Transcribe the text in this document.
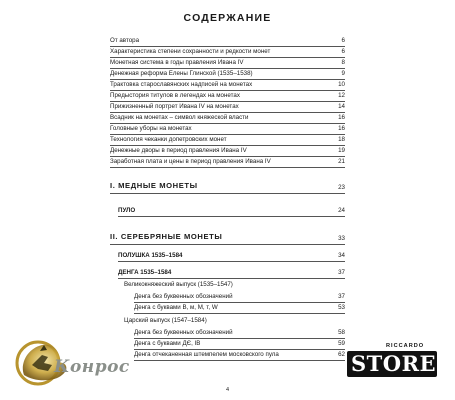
СОДЕРЖАНИЕ
От автора	6
Характеристика степени сохранности и редкости монет	6
Монетная система в годы правления Ивана IV	8
Денежная реформа Елены Глинской (1535–1538)	9
Трактовка старославянских надписей на монетах	10
Предыстория титулов в легендах на монетах	12
Прижизненный портрет Ивана IV на монетах	14
Всадник на монетах – символ княжеской власти	16
Головные уборы на монетах	16
Технология чеканки допетровских монет	18
Денежные дворы в период правления Ивана IV	19
Заработная плата и цены в период правления Ивана IV	21
I. МЕДНЫЕ МОНЕТЫ	23
ПУЛО	24
II. СЕРЕБРЯНЫЕ МОНЕТЫ	33
ПОЛУШКА 1535–1584	34
ДЕНГА 1535–1584	37
Великокняжеский выпуск (1535–1547)
Денга без буквенных обозначений	37
Денга с буквами В, м, М, т, W	53
Царский выпуск (1547–1584)
Денга без буквенных обозначений	58
Денга с буквами ДЄ, ІВ	59
Денга отчеканенная штемпелем московского пула	62
4
Конрос
RICCARDO
STORE
